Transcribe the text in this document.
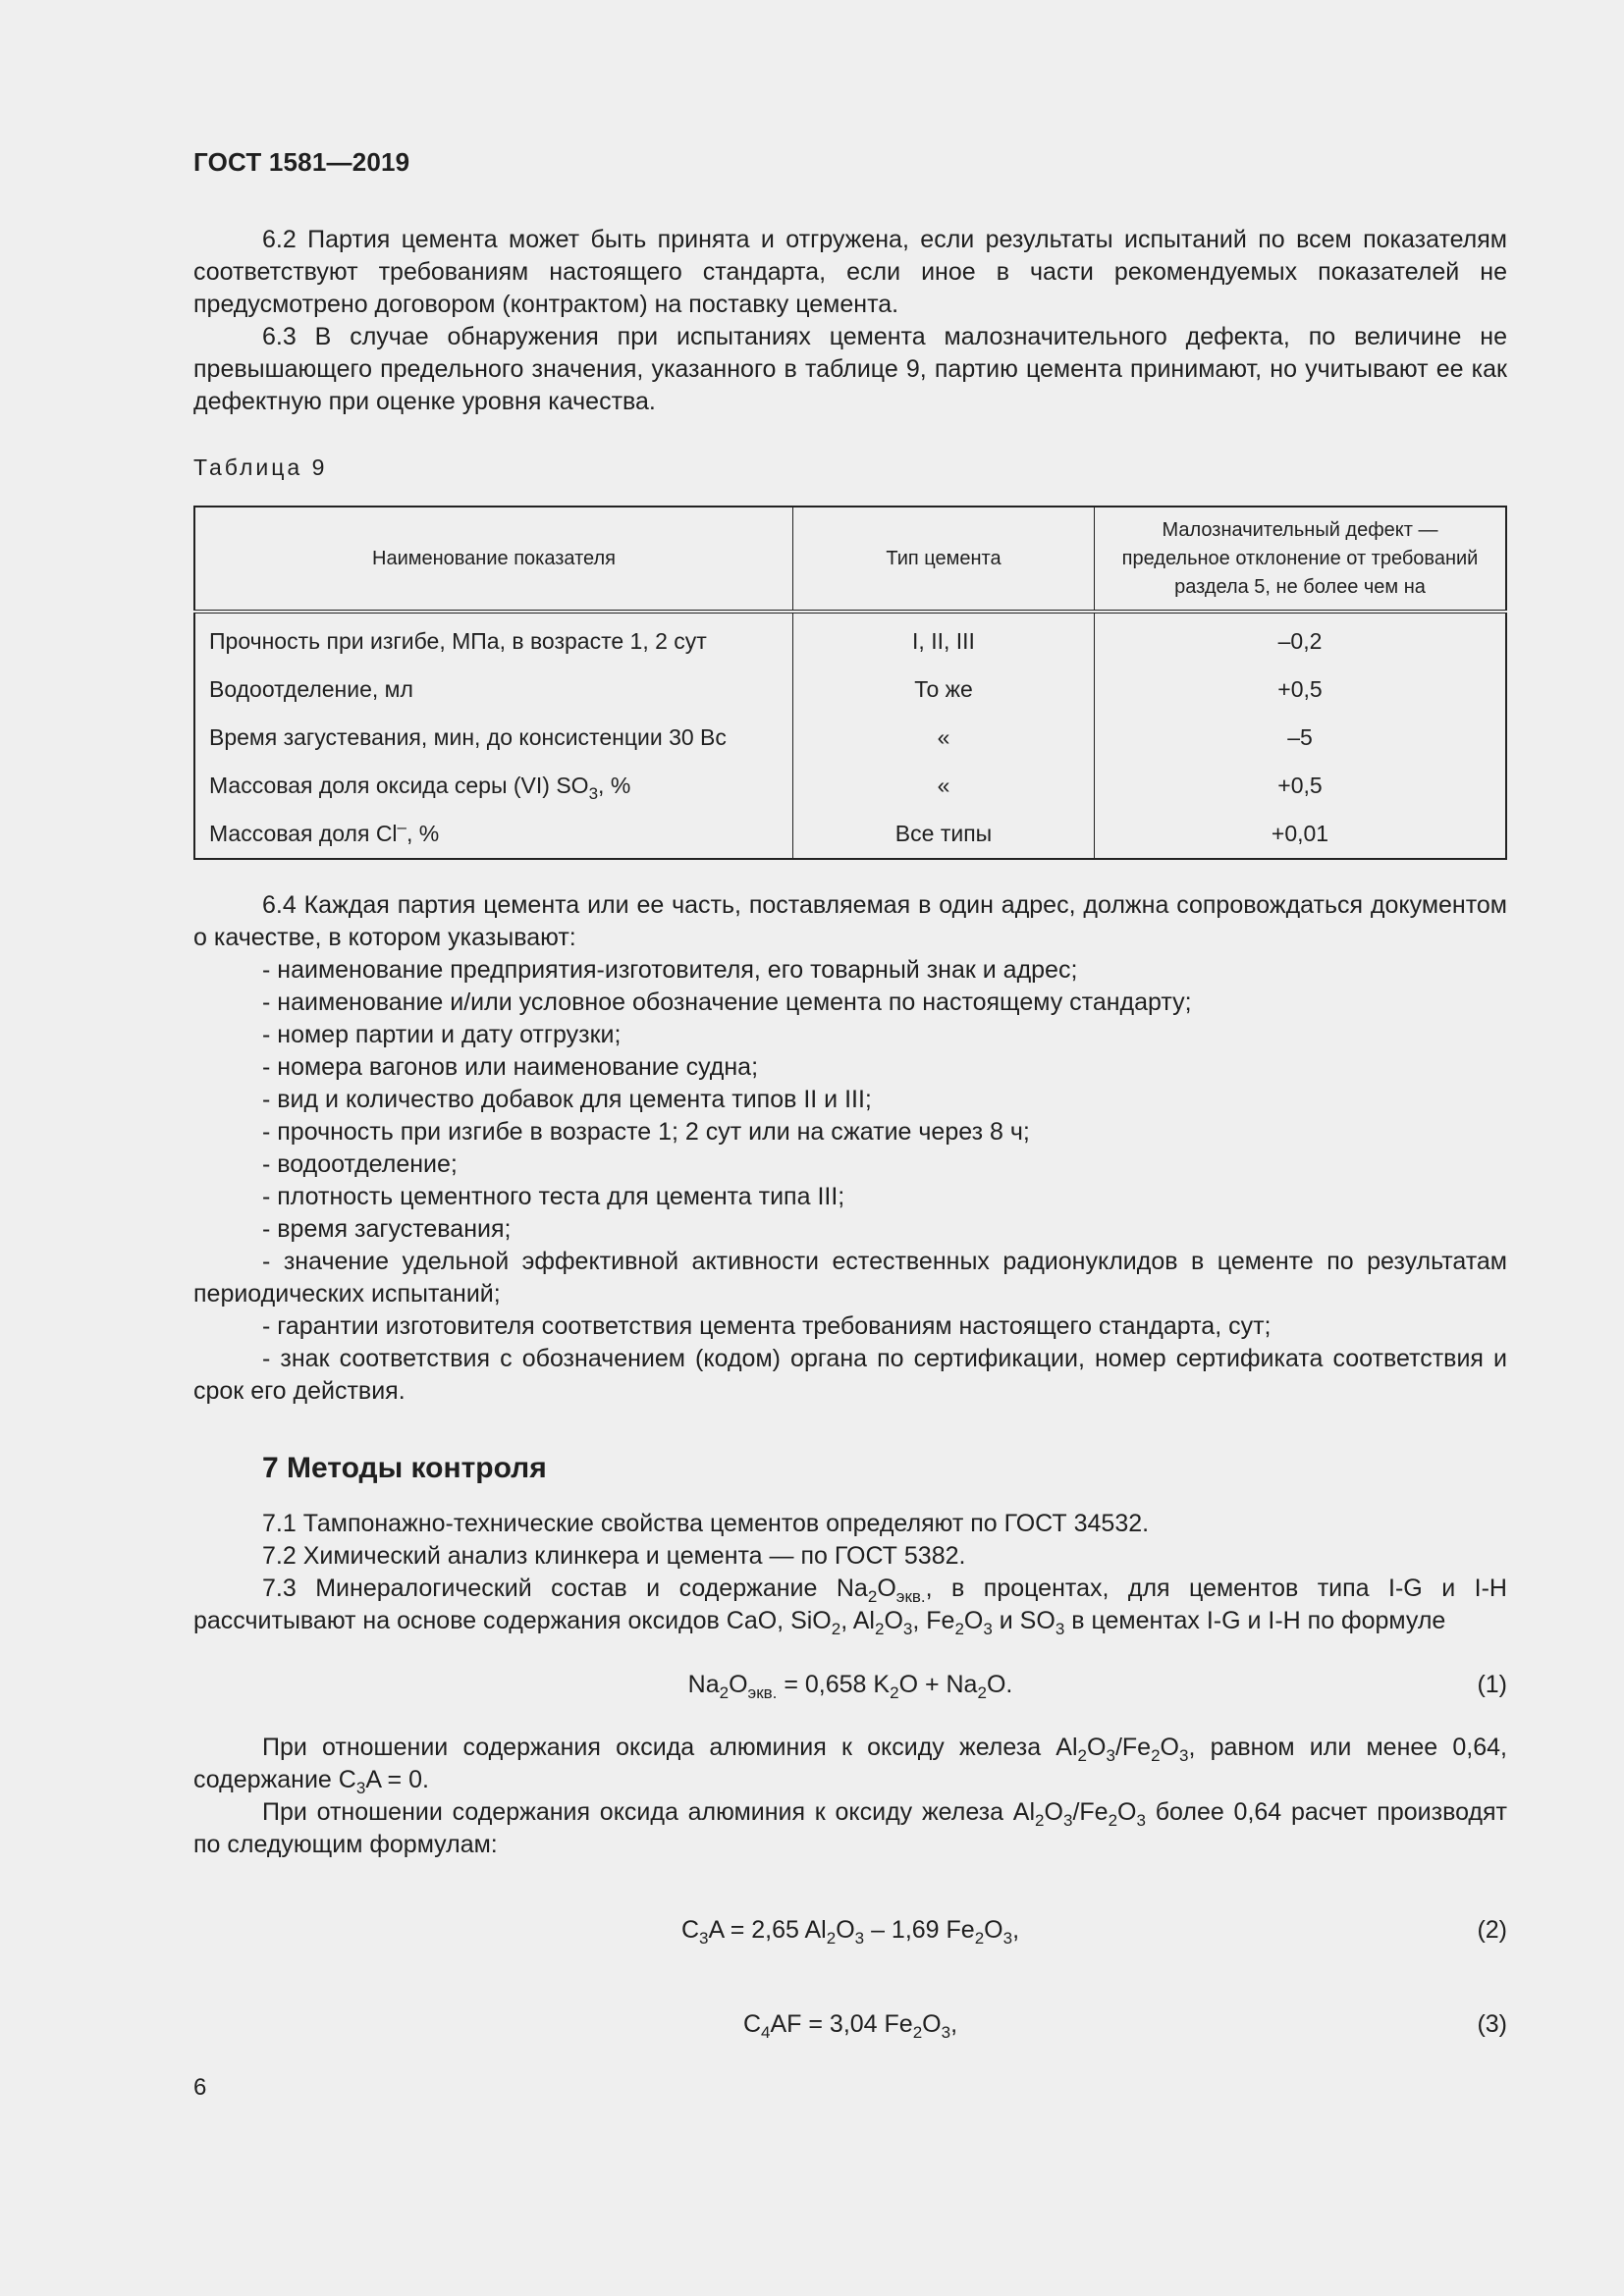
ГОСТ 1581—2019

6.2 Партия цемента может быть принята и отгружена, если результаты испытаний по всем показателям соответствуют требованиям настоящего стандарта, если иное в части рекомендуемых показателей не предусмотрено договором (контрактом) на поставку цемента.

6.3 В случае обнаружения при испытаниях цемента малозначительного дефекта, по величине не превышающего предельного значения, указанного в таблице 9, партию цемента принимают, но учитывают ее как дефектную при оценке уровня качества.

Таблица 9
Наименование показателя	Тип цемента	Малозначительный дефект — предельное отклонение от требований раздела 5, не более чем на
Прочность при изгибе, МПа, в возрасте 1, 2 сут	I, II, III	–0,2
Водоотделение, мл	То же	+0,5
Время загустевания, мин, до консистенции 30 Вс	«	–5
Массовая доля оксида серы (VI) $SO_3$, %	«	+0,5
Массовая доля Cl–, %	Все типы	+0,01

6.4 Каждая партия цемента или ее часть, поставляемая в один адрес, должна сопровождаться документом о качестве, в котором указывают:

- наименование предприятия-изготовителя, его товарный знак и адрес;
- наименование и/или условное обозначение цемента по настоящему стандарту;
- номер партии и дату отгрузки;
- номера вагонов или наименование судна;
- вид и количество добавок для цемента типов II и III;
- прочность при изгибе в возрасте 1; 2 сут или на сжатие через 8 ч;
- водоотделение;
- плотность цементного теста для цемента типа III;
- время загустевания;
- значение удельной эффективной активности естественных радионуклидов в цементе по результатам периодических испытаний;
- гарантии изготовителя соответствия цемента требованиям настоящего стандарта, сут;
- знак соответствия с обозначением (кодом) органа по сертификации, номер сертификата соответствия и срок его действия.
7 Методы контроля

7.1 Тампонажно-технические свойства цементов определяют по ГОСТ 34532.

7.2 Химический анализ клинкера и цемента — по ГОСТ 5382.

7.3 Минералогический состав и содержание $Na_2O_{экв.}$, в процентах, для цементов типа I-G и I-H рассчитывают на основе содержания оксидов CaO, SiO$_2$, $Al_2O_3$, $Fe_2O_3$ и $SO_3$ в цементах I-G и I-H по формуле

$Na_2O_{экв.} = 0,658$ $K_2O + Na_2O$.	(1)

При отношении содержания оксида алюминия к оксиду железа $Al_2O_3/Fe_2O_3$, равном или менее 0,64, содержание $C_3A = 0$.

При отношении содержания оксида алюминия к оксиду железа $Al_2O_3/Fe_2O_3$ более 0,64 расчет производят по следующим формулам:

$C_3A = 2,65$ $Al_2O_3 - 1,69$ $Fe_2O_3$,	(2)
$C_4AF = 3,04$ $Fe_2O_3$,	(3)
6
